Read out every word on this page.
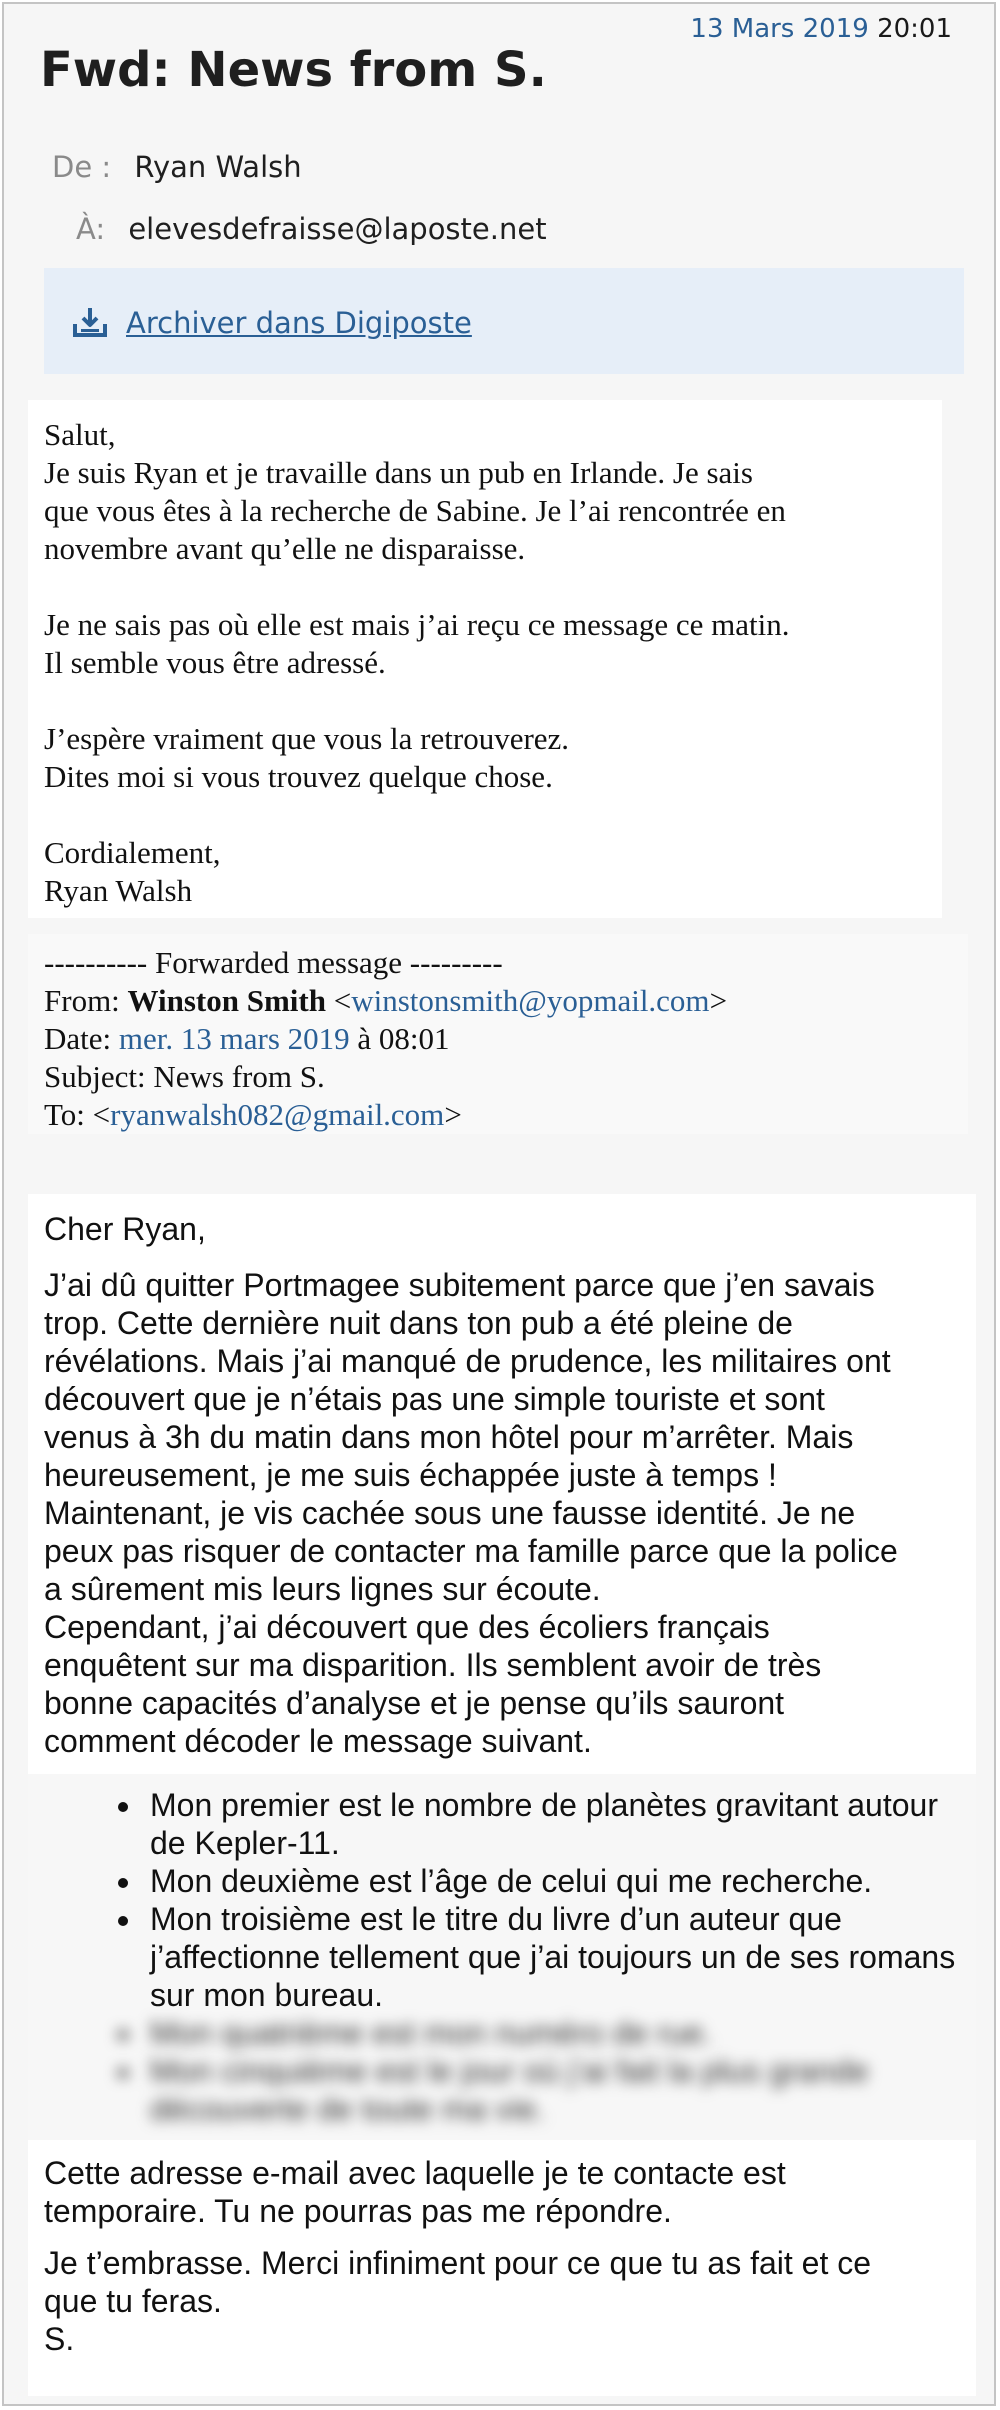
13 Mars 2019 20:01
Fwd: News from S.
De : Ryan Walsh
À: elevesdefraisse@laposte.net
Archiver dans Digiposte

Salut,

Je suis Ryan et je travaille dans un pub en Irlande. Je sais
que vous êtes à la recherche de Sabine. Je l’ai rencontrée en
novembre avant qu’elle ne disparaisse.

Je ne sais pas où elle est mais j’ai reçu ce message ce matin.
Il semble vous être adressé.

J’espère vraiment que vous la retrouverez.
Dites moi si vous trouvez quelque chose.

Cordialement,
Ryan Walsh

---------- Forwarded message ---------
From: Winston Smith <winstonsmith@yopmail.com>
Date: mer. 13 mars 2019 à 08:01
Subject: News from S.
To: <ryanwalsh082@gmail.com>

Cher Ryan,

J’ai dû quitter Portmagee subitement parce que j’en savais
trop. Cette dernière nuit dans ton pub a été pleine de
révélations. Mais j’ai manqué de prudence, les militaires ont
découvert que je n’étais pas une simple touriste et sont
venus à 3h du matin dans mon hôtel pour m’arrêter. Mais
heureusement, je me suis échappée juste à temps !
Maintenant, je vis cachée sous une fausse identité. Je ne
peux pas risquer de contacter ma famille parce que la police
a sûrement mis leurs lignes sur écoute.
Cependant, j’ai découvert que des écoliers français
enquêtent sur ma disparition. Ils semblent avoir de très
bonne capacités d’analyse et je pense qu’ils sauront
comment décoder le message suivant.

• Mon premier est le nombre de planètes gravitant autour de Kepler-11.
• Mon deuxième est l’âge de celui qui me recherche.
• Mon troisième est le titre du livre d’un auteur que j’affectionne tellement que j’ai toujours un de ses romans sur mon bureau.
• Mon quatrième est mon numéro de rue.
• Mon cinquième est le jour où j’ai fait la plus grande découverte de toute ma vie.

Cette adresse e-mail avec laquelle je te contacte est
temporaire. Tu ne pourras pas me répondre.

Je t’embrasse. Merci infiniment pour ce que tu as fait et ce
que tu feras.
S.
